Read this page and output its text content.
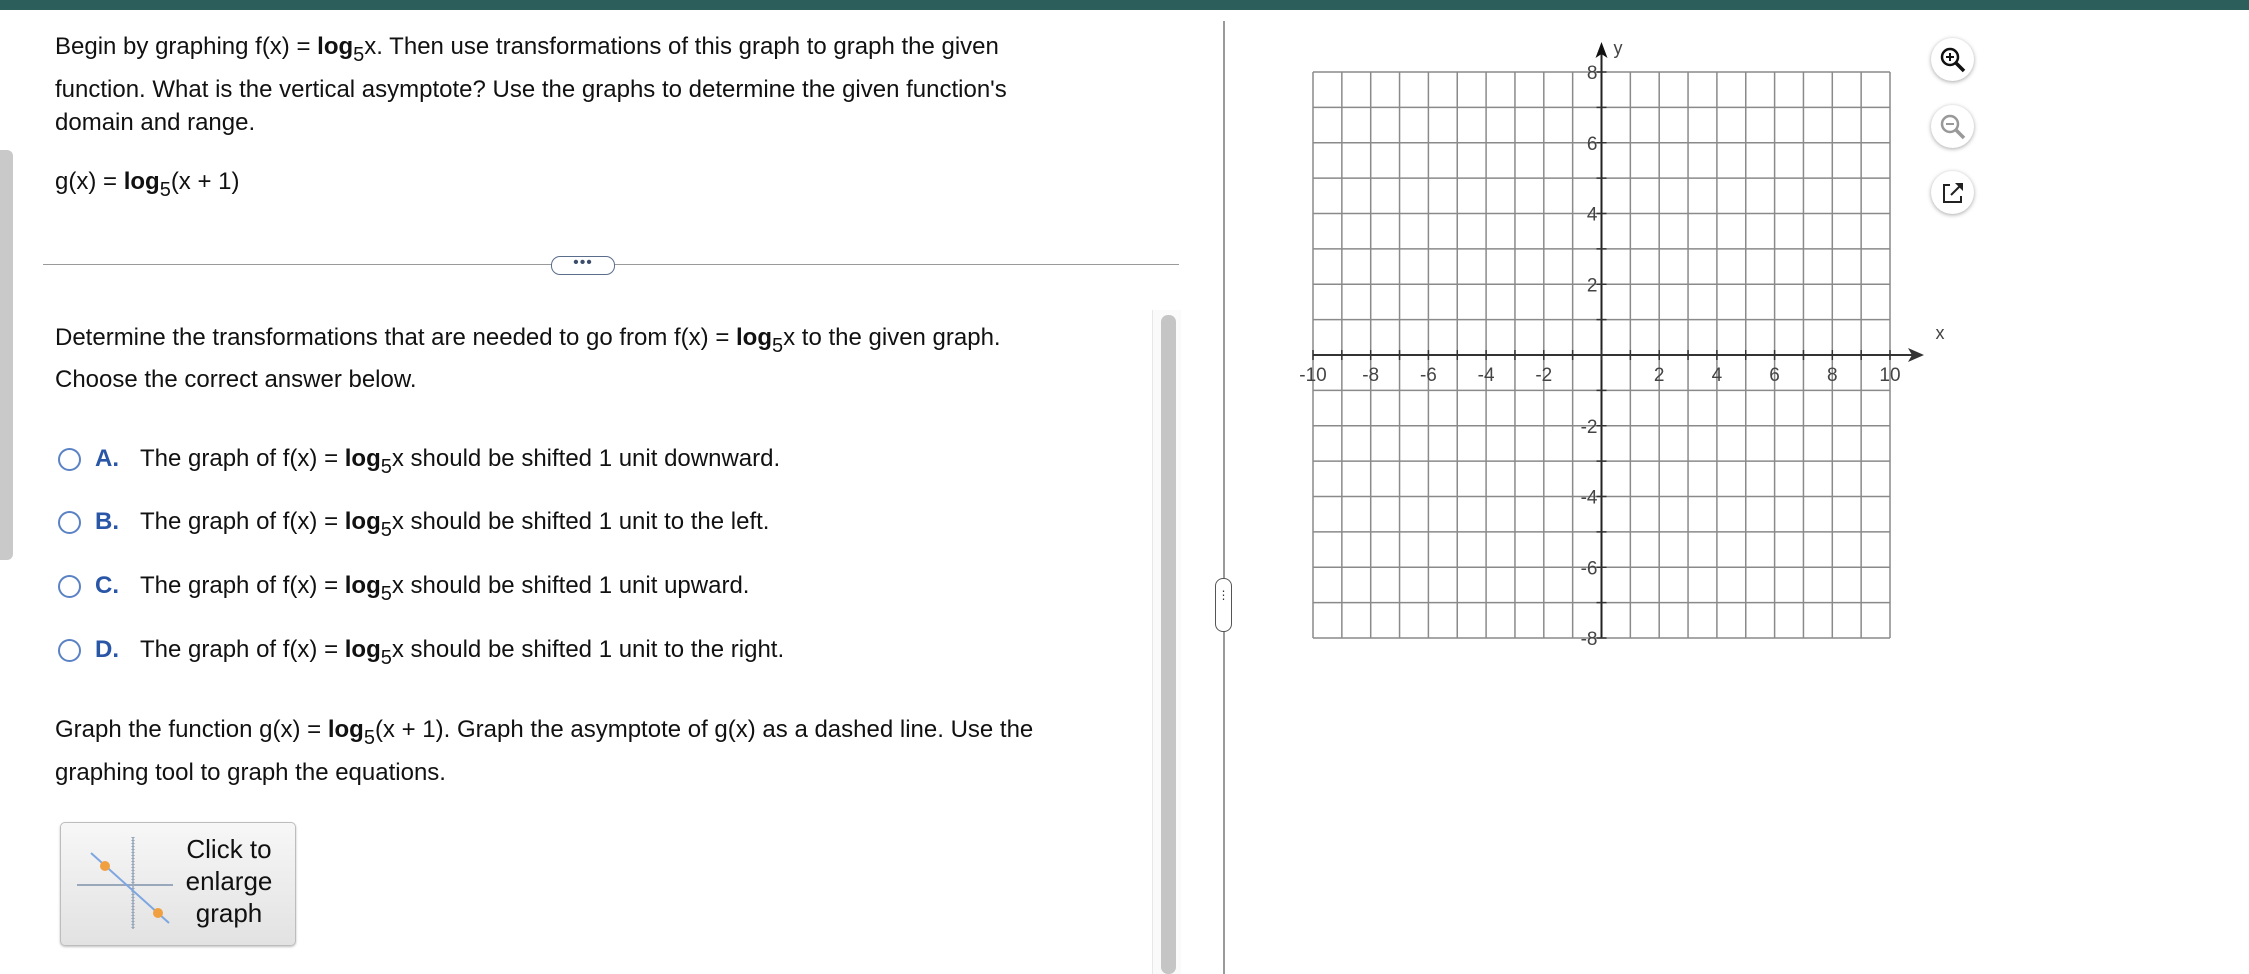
Begin by graphing $f(x) = \log_5x$. Then use transformations of this graph to graph the given
function. What is the vertical asymptote? Use the graphs to determine the given function's
domain and range.
$g(x) = \log_5(x + 1)$
•••
Determine the transformations that are needed to go from $f(x) = \log_5x$ to the given graph.
Choose the correct answer below.
A. The graph of $f(x) = \log_5x$ should be shifted 1 unit downward.
B. The graph of $f(x) = \log_5x$ should be shifted 1 unit to the left.
C. The graph of $f(x) = \log_5x$ should be shifted 1 unit upward.
D. The graph of $f(x) = \log_5x$ should be shifted 1 unit to the right.
Graph the function $g(x) = \log_5(x + 1)$. Graph the asymptote of g(x) as a dashed line. Use the
graphing tool to graph the equations.
Click to enlarge graph
⋮
-10 -8 -6 -4 -2	2 4 6 8 10
-8
-6
-4
-2
2
4
6
8
x
y
